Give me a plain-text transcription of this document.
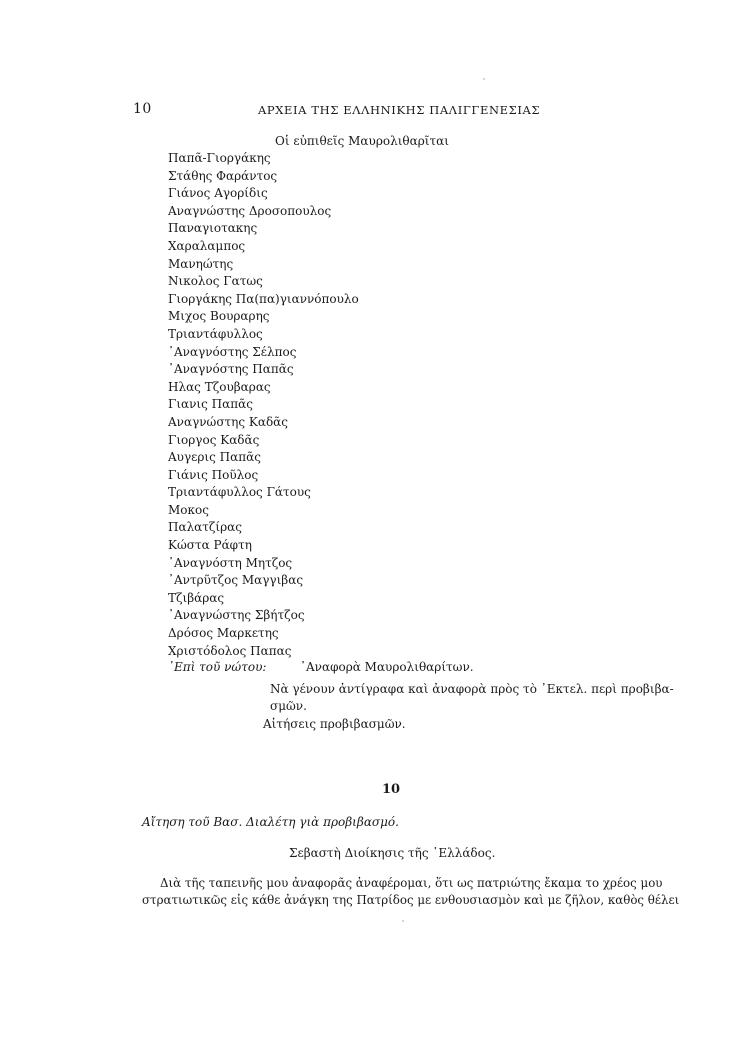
10	ΑΡΧΕΙΑ ΤΗΣ ΕΛΛΗΝΙΚΗΣ ΠΑΛΙΓΓΕΝΕΣΙΑΣ
Οἱ εὐπιθεῖς Μαυρολιθαρῖται
Παπᾶ-Γιοργάκης
Στάθης Φαράντος
Γιάνος Αγορίδις
Αναγνώστης Δροσοπουλος
Παναγιοτακης
Χαραλαμπος
Μανηώτης
Νικολος Γατως
Γιοργάκης Πα(πα)γιαννόπουλο
Μιχος Βουραρης
Τριαντάφυλλος
᾿Αναγνόστης Σέλπος
᾿Αναγνόστης Παπᾶς
Ηλας Τζουβαρας
Γιανις Παπᾶς
Αναγνώστης Καδᾶς
Γιοργος Καδᾶς
Αυγερις Παπᾶς
Γιάνις Ποῦλος
Τριαντάφυλλος Γάτους
Μοκος
Παλατζίρας
Κώστα Ράφτη
᾿Αναγνόστη Μητζος
᾿Αντρῦτζος Μαγγιβας
Τζιβάρας
᾿Αναγνώστης Σβήτζος
Δρόσος Μαρκετης
Χριστόδολος Παπας
᾿Επὶ τοῦ νώτου:	᾿Αναφορὰ Μαυρολιθαρίτων.
Νὰ γένουν ἀντίγραφα καὶ ἀναφορὰ πρὸς τὸ ᾿Εκτελ. περὶ προβιβα-
σμῶν.
Αἰτήσεις προβιβασμῶν.
10
Αἴτηση τοῦ Βασ. Διαλέτη γιὰ προβιβασμό.
Σεβαστὴ Διοίκησις τῆς ῾Ελλάδος.
Διὰ τῆς ταπεινῆς μου ἀναφορᾶς ἀναφέρομαι, ὅτι ως πατριώτης ἔκαμα το χρέος μου
στρατιωτικῶς εἰς κάθε ἀνάγκη της Πατρίδος με ενθουσιασμὸν καὶ με ζῆλον, καθὸς θέλει
